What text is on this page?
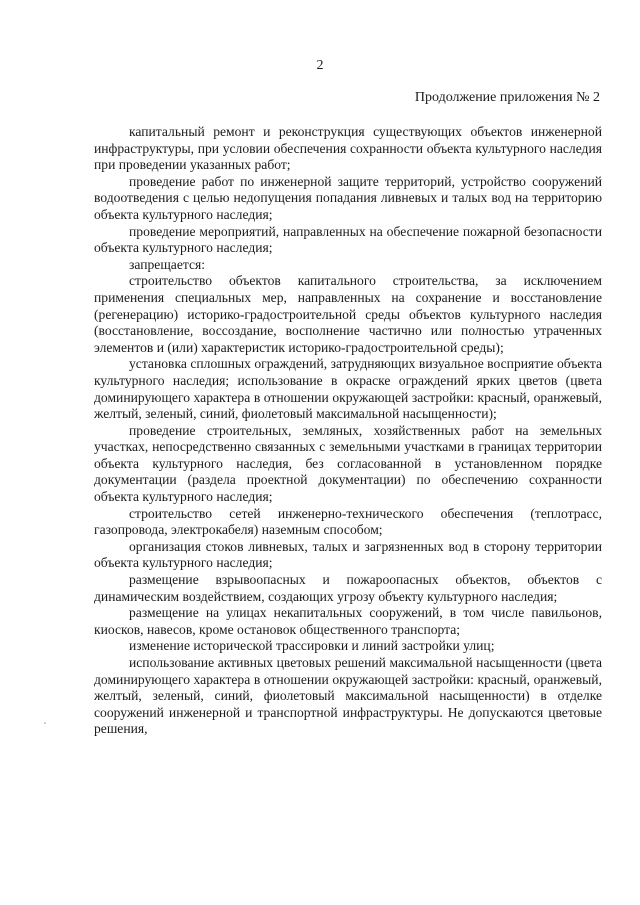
2
Продолжение приложения № 2

капитальный ремонт и реконструкция существующих объектов инженерной инфраструктуры, при условии обеспечения сохранности объекта культурного наследия при проведении указанных работ;

проведение работ по инженерной защите территорий, устройство сооружений водоотведения с целью недопущения попадания ливневых и талых вод на территорию объекта культурного наследия;

проведение мероприятий, направленных на обеспечение пожарной безопасности объекта культурного наследия;

запрещается:

строительство объектов капитального строительства, за исключением применения специальных мер, направленных на сохранение и восстановление (регенерацию) историко-градостроительной среды объектов культурного наследия (восстановление, воссоздание, восполнение частично или полностью утраченных элементов и (или) характеристик историко-градостроительной среды);

установка сплошных ограждений, затрудняющих визуальное восприятие объекта культурного наследия; использование в окраске ограждений ярких цветов (цвета доминирующего характера в отношении окружающей застройки: красный, оранжевый, желтый, зеленый, синий, фиолетовый максимальной насыщенности);

проведение строительных, земляных, хозяйственных работ на земельных участках, непосредственно связанных с земельными участками в границах территории объекта культурного наследия, без согласованной в установленном порядке документации (раздела проектной документации) по обеспечению сохранности объекта культурного наследия;

строительство сетей инженерно-технического обеспечения (теплотрасс, газопровода, электрокабеля) наземным способом;

организация стоков ливневых, талых и загрязненных вод в сторону территории объекта культурного наследия;

размещение взрывоопасных и пожароопасных объектов, объектов с динамическим воздействием, создающих угрозу объекту культурного наследия;

размещение на улицах некапитальных сооружений, в том числе павильонов, киосков, навесов, кроме остановок общественного транспорта;

изменение исторической трассировки и линий застройки улиц;

использование активных цветовых решений максимальной насыщенности (цвета доминирующего характера в отношении окружающей застройки: красный, оранжевый, желтый, зеленый, синий, фиолетовый максимальной насыщенности) в отделке сооружений инженерной и транспортной инфраструктуры. Не допускаются цветовые решения,
